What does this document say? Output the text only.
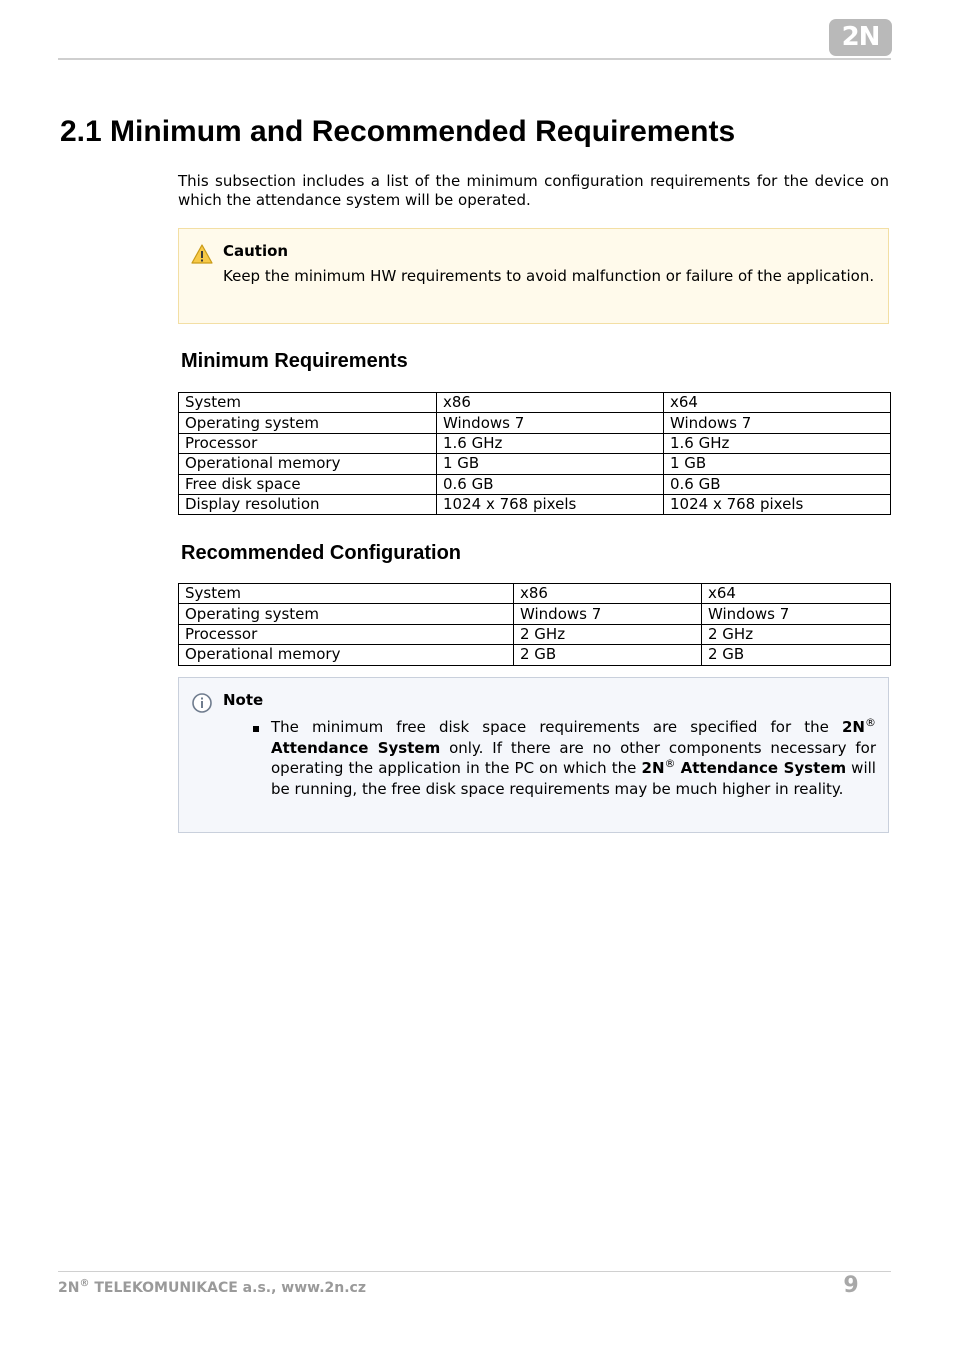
2N
2.1 Minimum and Recommended Requirements

This subsection includes a list of the minimum configuration requirements for the device on which the attendance system will be operated.

Caution

Keep the minimum HW requirements to avoid malfunction or failure of the application.

Minimum Requirements
System	x86	x64
Operating system	Windows 7	Windows 7
Processor	1.6 GHz	1.6 GHz
Operational memory	1 GB	1 GB
Free disk space	0.6 GB	0.6 GB
Display resolution	1024 x 768 pixels	1024 x 768 pixels
Recommended Configuration
System	x86	x64
Operating system	Windows 7	Windows 7
Processor	2 GHz	2 GHz
Operational memory	2 GB	2 GB
Note

The minimum free disk space requirements are specified for the 2N® Attendance System only. If there are no other components necessary for operating the application in the PC on which the 2N® Attendance System will be running, the free disk space requirements may be much higher in reality.

2N® TELEKOMUNIKACE a.s., www.2n.cz	9
